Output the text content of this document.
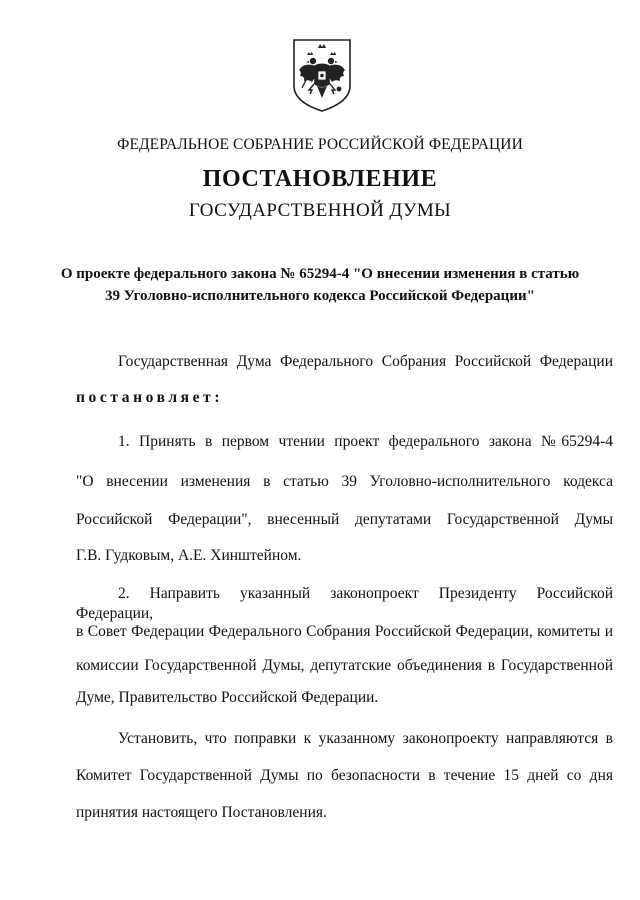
ФЕДЕРАЛЬНОЕ СОБРАНИЕ РОССИЙСКОЙ ФЕДЕРАЦИИ
ПОСТАНОВЛЕНИЕ
ГОСУДАРСТВЕННОЙ ДУМЫ
О проекте федерального закона № 65294-4 "О внесении изменения в статью
39 Уголовно-исполнительного кодекса Российской Федерации"

Государственная Дума Федерального Собрания Российской Федерации

постановляет:

1. Принять в первом чтении проект федерального закона №65294-4

"О внесении изменения в статью 39 Уголовно-исполнительного кодекса

Российской Федерации", внесенный депутатами Государственной Думы

Г.В. Гудковым, А.Е. Хинштейном.

2. Направить указанный законопроект Президенту Российской Федерации,

в Совет Федерации Федерального Собрания Российской Федерации, комитеты и

комиссии Государственной Думы, депутатские объединения в Государственной

Думе, Правительство Российской Федерации.

Установить, что поправки к указанному законопроекту направляются в

Комитет Государственной Думы по безопасности в течение 15 дней со дня

принятия настоящего Постановления.
